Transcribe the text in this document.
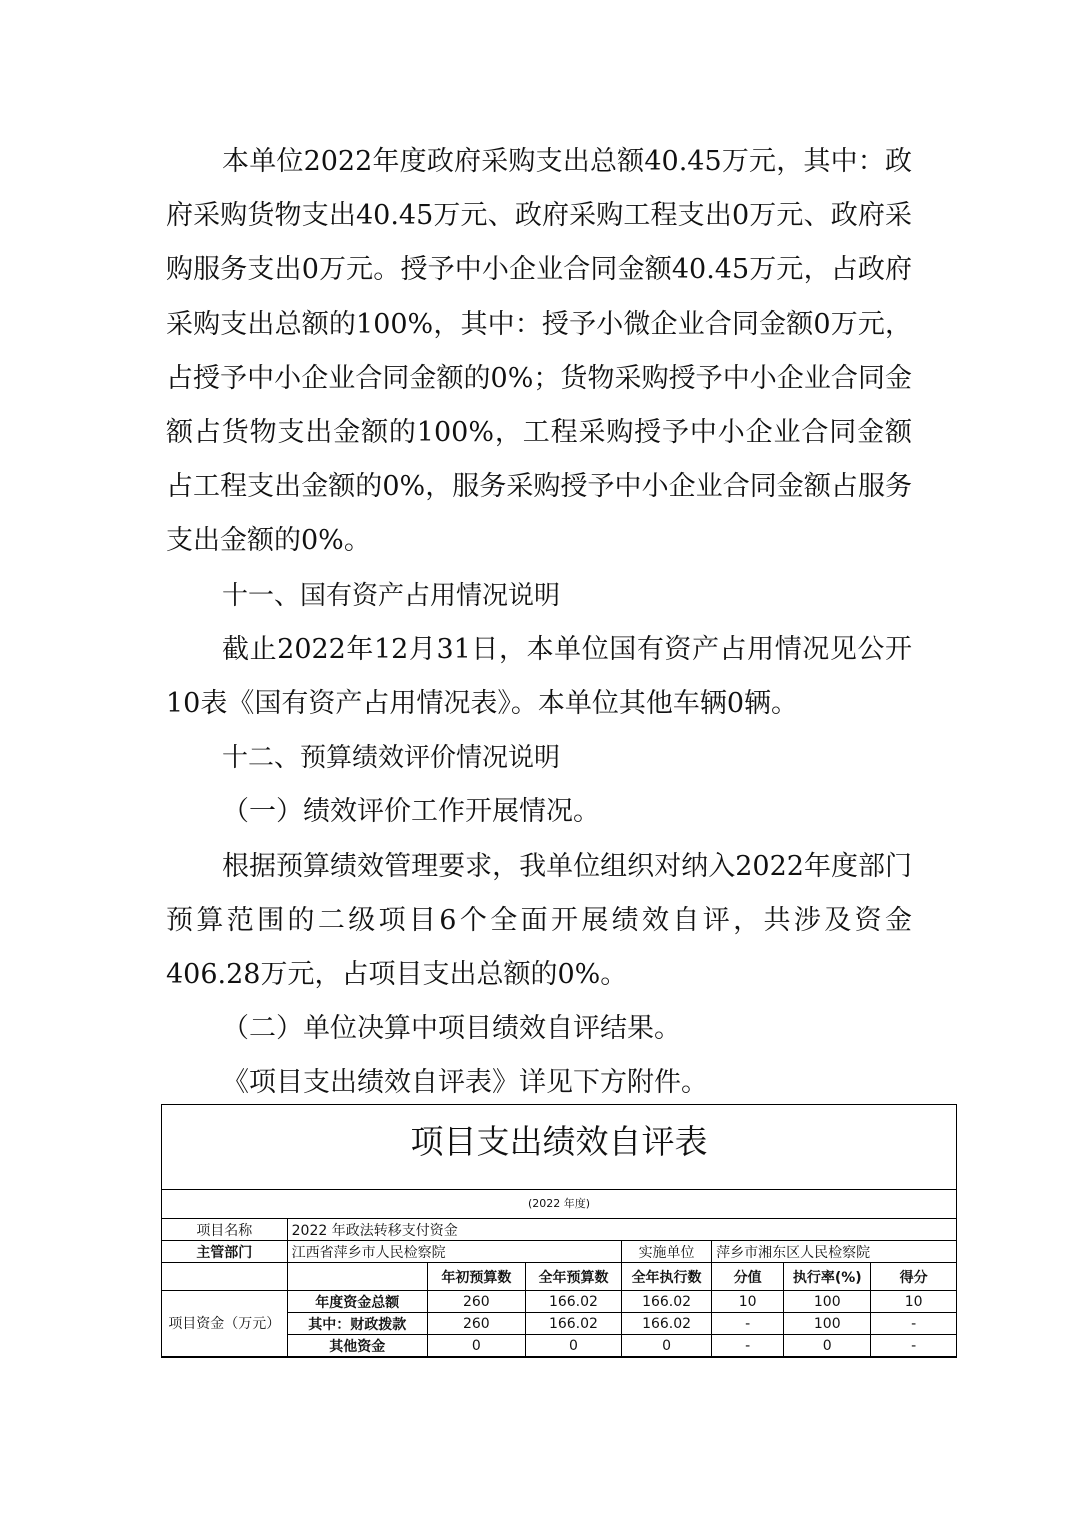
本单位2022年度政府采购支出总额40.45万元，其中：政府采购货物支出40.45万元、政府采购工程支出0万元、政府采购服务支出0万元。授予中小企业合同金额40.45万元，占政府采购支出总额的100%，其中：授予小微企业合同金额0万元，占授予中小企业合同金额的0%；货物采购授予中小企业合同金额占货物支出金额的100%，工程采购授予中小企业合同金额占工程支出金额的0%，服务采购授予中小企业合同金额占服务支出金额的0%。

十一、国有资产占用情况说明

截止2022年12月31日，本单位国有资产占用情况见公开10表《国有资产占用情况表》。本单位其他车辆0辆。

十二、预算绩效评价情况说明

（一）绩效评价工作开展情况。

根据预算绩效管理要求，我单位组织对纳入2022年度部门预算范围的二级项目6个全面开展绩效自评，共涉及资金406.28万元，占项目支出总额的0%。

（二）单位决算中项目绩效自评结果。

《项目支出绩效自评表》详见下方附件。

项目支出绩效自评表
(2022 年度)
项目名称	2022 年政法转移支付资金						
主管部门	江西省萍乡市人民检察院			实施单位	萍乡市湘东区人民检察院		
		年初预算数	全年预算数	全年执行数	分值	执行率(%)	得分
项目资金（万元）	年度资金总额	260	166.02	166.02	10	100	10
	其中：财政拨款	260	166.02	166.02	-	100	-
	其他资金	0	0	0	-	0	-
